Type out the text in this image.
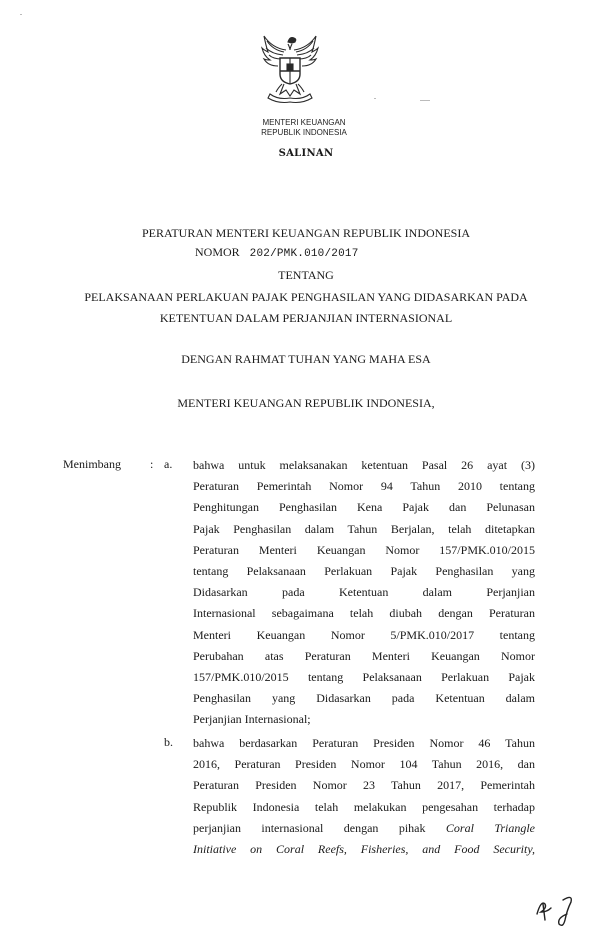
MENTERI KEUANGAN
REPUBLIK INDONESIA
SALINAN
PERATURAN MENTERI KEUANGAN REPUBLIK INDONESIA
NOMOR 202/PMK.010/2017
TENTANG
PELAKSANAAN PERLAKUAN PAJAK PENGHASILAN YANG DIDASARKAN PADA
KETENTUAN DALAM PERJANJIAN INTERNASIONAL
DENGAN RAHMAT TUHAN YANG MAHA ESA
MENTERI KEUANGAN REPUBLIK INDONESIA,
Menimbang : a. bahwa untuk melaksanakan ketentuan Pasal 26 ayat (3)
Peraturan Pemerintah Nomor 94 Tahun 2010 tentang
Penghitungan Penghasilan Kena Pajak dan Pelunasan
Pajak Penghasilan dalam Tahun Berjalan, telah ditetapkan
Peraturan Menteri Keuangan Nomor 157/PMK.010/2015
tentang Pelaksanaan Perlakuan Pajak Penghasilan yang
Didasarkan pada Ketentuan dalam Perjanjian
Internasional sebagaimana telah diubah dengan Peraturan
Menteri Keuangan Nomor 5/PMK.010/2017 tentang
Perubahan atas Peraturan Menteri Keuangan Nomor
157/PMK.010/2015 tentang Pelaksanaan Perlakuan Pajak
Penghasilan yang Didasarkan pada Ketentuan dalam
Perjanjian Internasional;
b. bahwa berdasarkan Peraturan Presiden Nomor 46 Tahun
2016, Peraturan Presiden Nomor 104 Tahun 2016, dan
Peraturan Presiden Nomor 23 Tahun 2017, Pemerintah
Republik Indonesia telah melakukan pengesahan terhadap
perjanjian internasional dengan pihak Coral Triangle
Initiative on Coral Reefs, Fisheries, and Food Security,
